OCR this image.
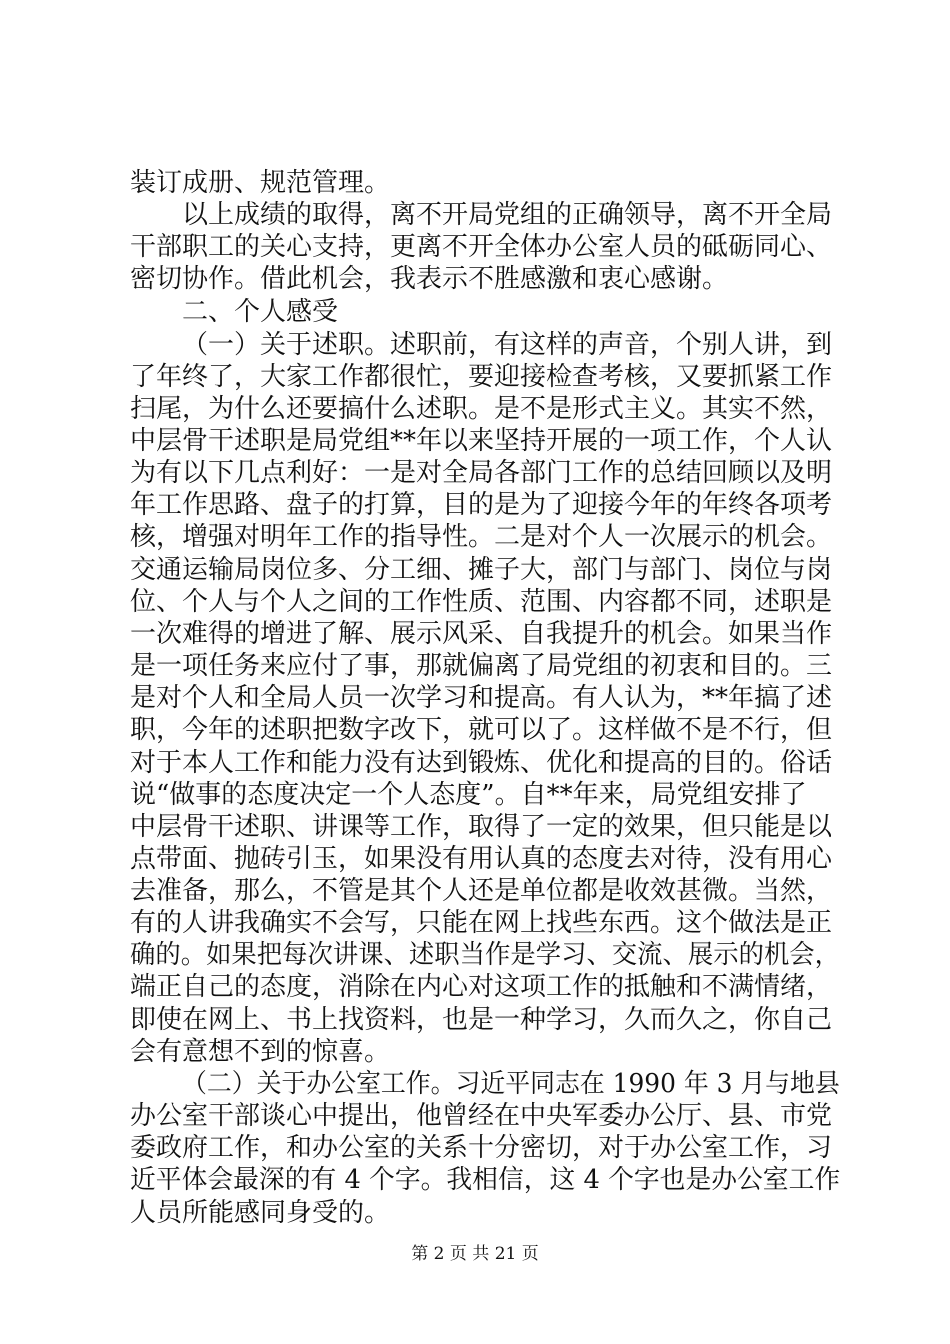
装订成册、规范管理。
以上成绩的取得，离不开局党组的正确领导，离不开全局
干部职工的关心支持，更离不开全体办公室人员的砥砺同心、
密切协作。借此机会，我表示不胜感激和衷心感谢。
二、个人感受
（一）关于述职。述职前，有这样的声音，个别人讲，到
了年终了，大家工作都很忙，要迎接检查考核，又要抓紧工作
扫尾，为什么还要搞什么述职。是不是形式主义。其实不然，
中层骨干述职是局党组**年以来坚持开展的一项工作，个人认
为有以下几点利好：一是对全局各部门工作的总结回顾以及明
年工作思路、盘子的打算，目的是为了迎接今年的年终各项考
核，增强对明年工作的指导性。二是对个人一次展示的机会。
交通运输局岗位多、分工细、摊子大，部门与部门、岗位与岗
位、个人与个人之间的工作性质、范围、内容都不同，述职是
一次难得的增进了解、展示风采、自我提升的机会。如果当作
是一项任务来应付了事，那就偏离了局党组的初衷和目的。三
是对个人和全局人员一次学习和提高。有人认为，**年搞了述
职，今年的述职把数字改下，就可以了。这样做不是不行，但
对于本人工作和能力没有达到锻炼、优化和提高的目的。俗话
说“做事的态度决定一个人态度”。自**年来，局党组安排了
中层骨干述职、讲课等工作，取得了一定的效果，但只能是以
点带面、抛砖引玉，如果没有用认真的态度去对待，没有用心
去准备，那么，不管是其个人还是单位都是收效甚微。当然，
有的人讲我确实不会写，只能在网上找些东西。这个做法是正
确的。如果把每次讲课、述职当作是学习、交流、展示的机会，
端正自己的态度，消除在内心对这项工作的抵触和不满情绪，
即使在网上、书上找资料，也是一种学习，久而久之，你自己
会有意想不到的惊喜。
（二）关于办公室工作。习近平同志在 1990 年 3 月与地县
办公室干部谈心中提出，他曾经在中央军委办公厅、县、市党
委政府工作，和办公室的关系十分密切，对于办公室工作，习
近平体会最深的有 4 个字。我相信，这 4 个字也是办公室工作
人员所能感同身受的。
第 2 页 共 21 页
